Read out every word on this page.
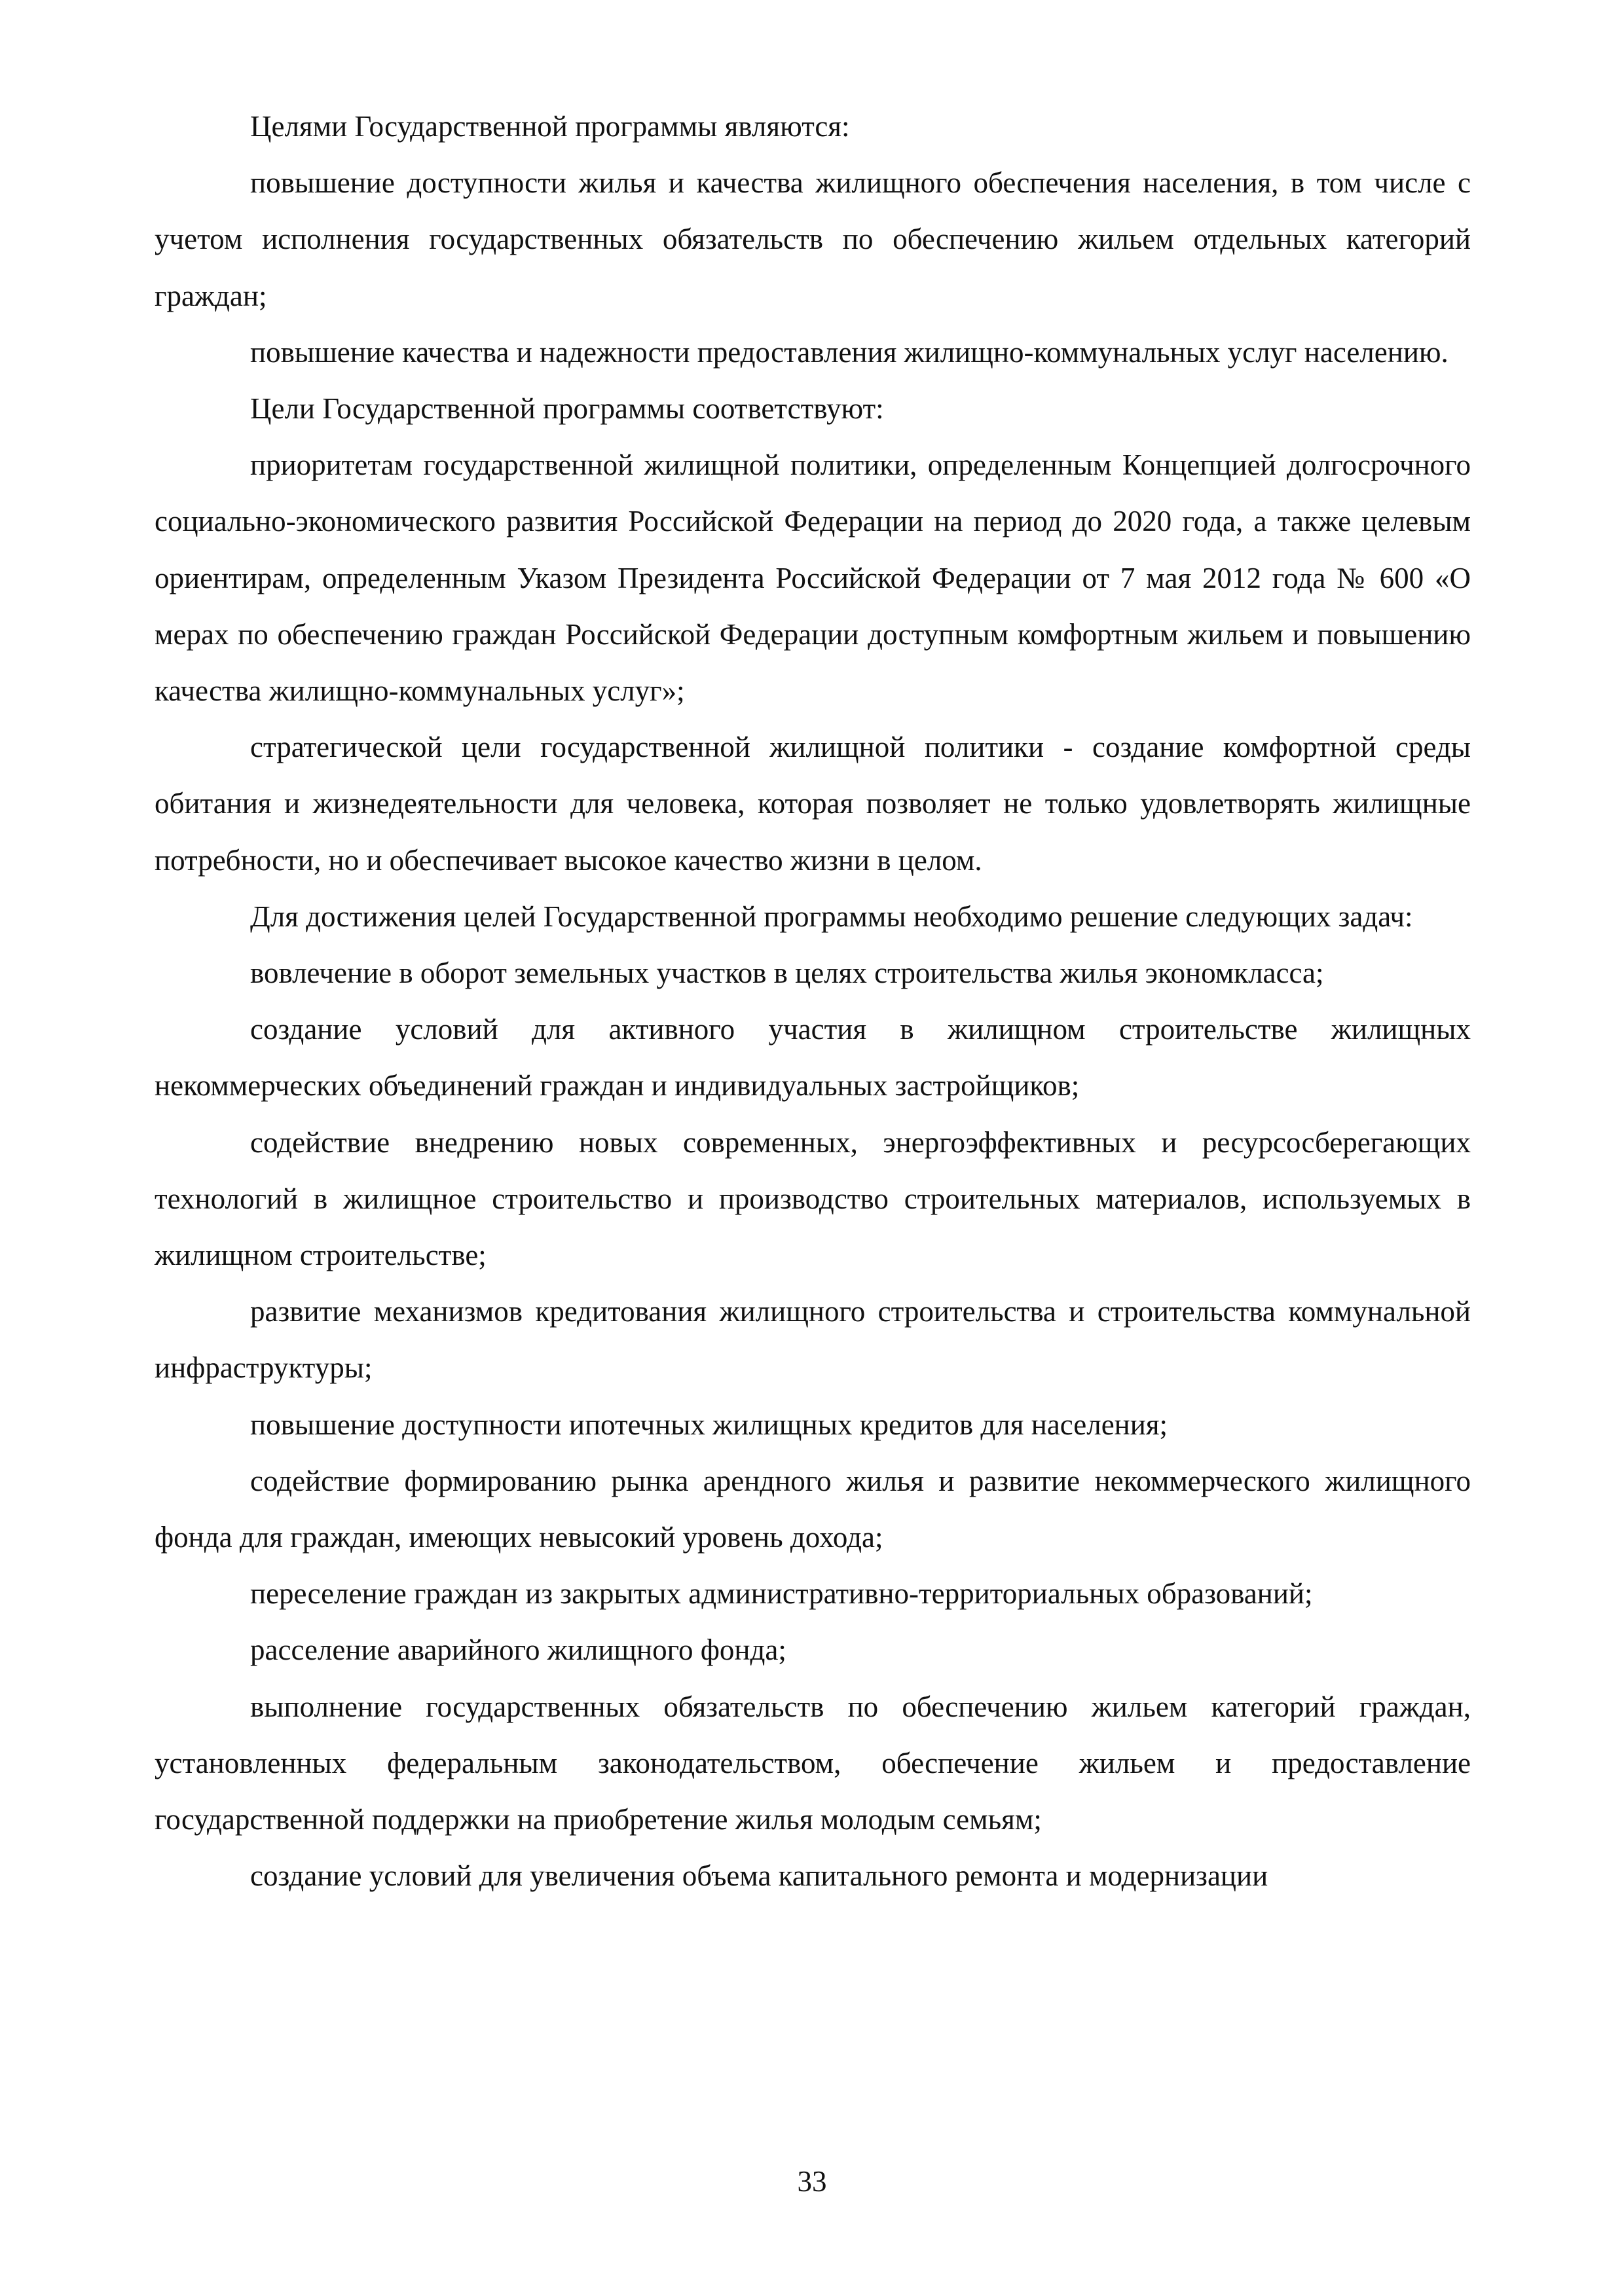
Целями Государственной программы являются:

повышение доступности жилья и качества жилищного обеспечения населения, в том числе с учетом исполнения государственных обязательств по обеспечению жильем отдельных категорий граждан;

повышение качества и надежности предоставления жилищно-коммунальных услуг населению.

Цели Государственной программы соответствуют:

приоритетам государственной жилищной политики, определенным Концепцией долгосрочного социально-экономического развития Российской Федерации на период до 2020 года, а также целевым ориентирам, определенным Указом Президента Российской Федерации от 7 мая 2012 года № 600 «О мерах по обеспечению граждан Российской Федерации доступным комфортным жильем и повышению качества жилищно-коммунальных услуг»;

стратегической цели государственной жилищной политики - создание комфортной среды обитания и жизнедеятельности для человека, которая позволяет не только удовлетворять жилищные потребности, но и обеспечивает высокое качество жизни в целом.

Для достижения целей Государственной программы необходимо решение следующих задач:

вовлечение в оборот земельных участков в целях строительства жилья экономкласса;

создание условий для активного участия в жилищном строительстве жилищных некоммерческих объединений граждан и индивидуальных застройщиков;

содействие внедрению новых современных, энергоэффективных и ресурсосберегающих технологий в жилищное строительство и производство строительных материалов, используемых в жилищном строительстве;

развитие механизмов кредитования жилищного строительства и строительства коммунальной инфраструктуры;

повышение доступности ипотечных жилищных кредитов для населения;

содействие формированию рынка арендного жилья и развитие некоммерческого жилищного фонда для граждан, имеющих невысокий уровень дохода;

переселение граждан из закрытых административно-территориальных образований;

расселение аварийного жилищного фонда;

выполнение государственных обязательств по обеспечению жильем категорий граждан, установленных федеральным законодательством, обеспечение жильем и предоставление государственной поддержки на приобретение жилья молодым семьям;

создание условий для увеличения объема капитального ремонта и модернизации

33
